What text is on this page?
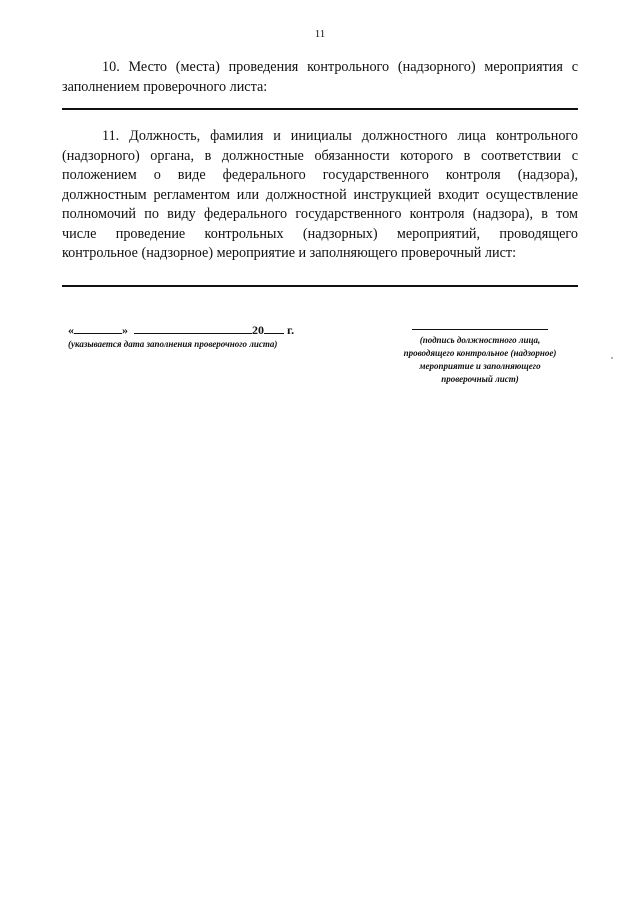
11
10. Место (места) проведения контрольного (надзорного) мероприятия с заполнением проверочного листа:
11. Должность, фамилия и инициалы должностного лица контрольного (надзорного) органа, в должностные обязанности которого в соответствии с положением о виде федерального государственного контроля (надзора), должностным регламентом или должностной инструкцией входит осуществление полномочий по виду федерального государственного контроля (надзора), в том числе проведение контрольных (надзорных) мероприятий, проводящего контрольное (надзорное) мероприятие и заполняющего проверочный лист:
«	»	20 г.
(указывается дата заполнения проверочного листа)	(подпись должностного лица, проводящего контрольное (надзорное) мероприятие и заполняющего проверочный лист)
